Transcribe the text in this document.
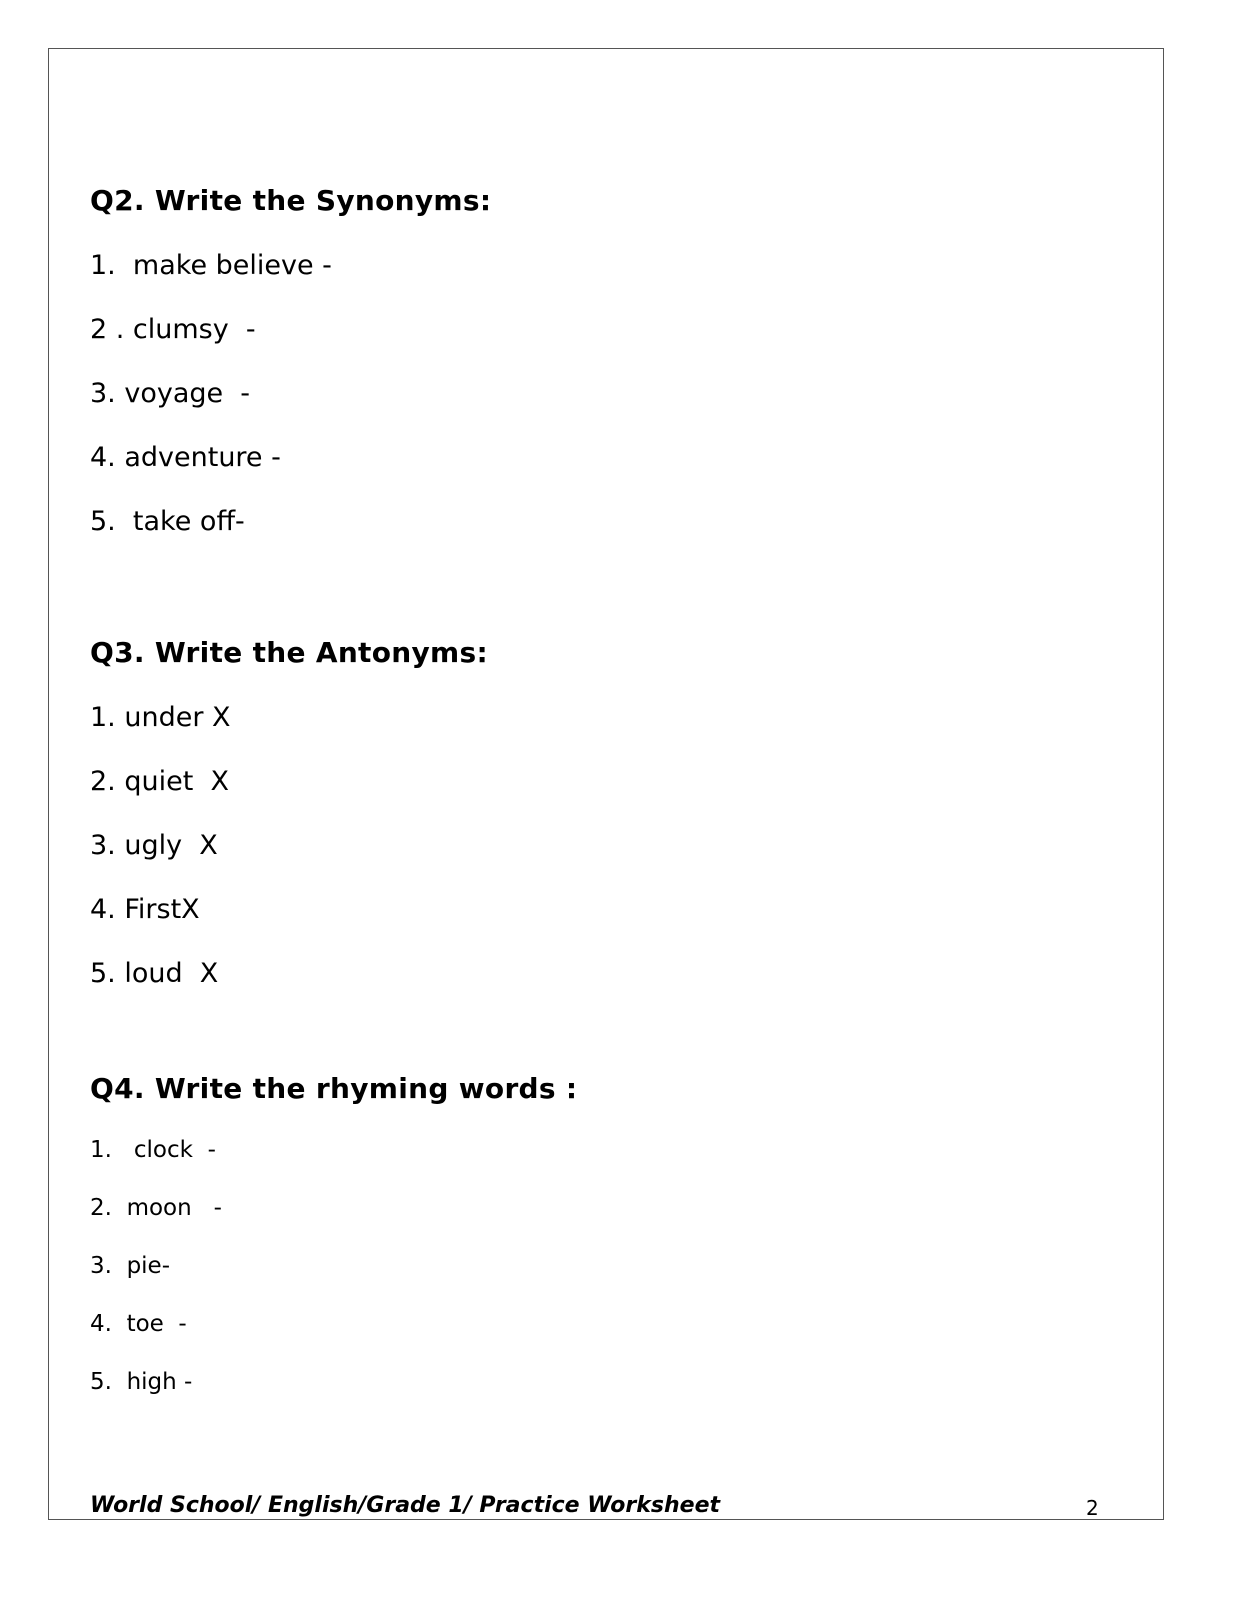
Q2. Write the Synonyms:
1.  make believe -
2 . clumsy  -
3. voyage  -
4. adventure -
5.  take off-
Q3. Write the Antonyms:
1. under X
2. quiet  X
3. ugly  X
4. FirstX
5. loud  X
Q4. Write the rhyming words :
1.   clock  -
2.  moon   -
3.  pie-
4.  toe  -
5.  high -
World School/ English/Grade 1/ Practice Worksheet	2
